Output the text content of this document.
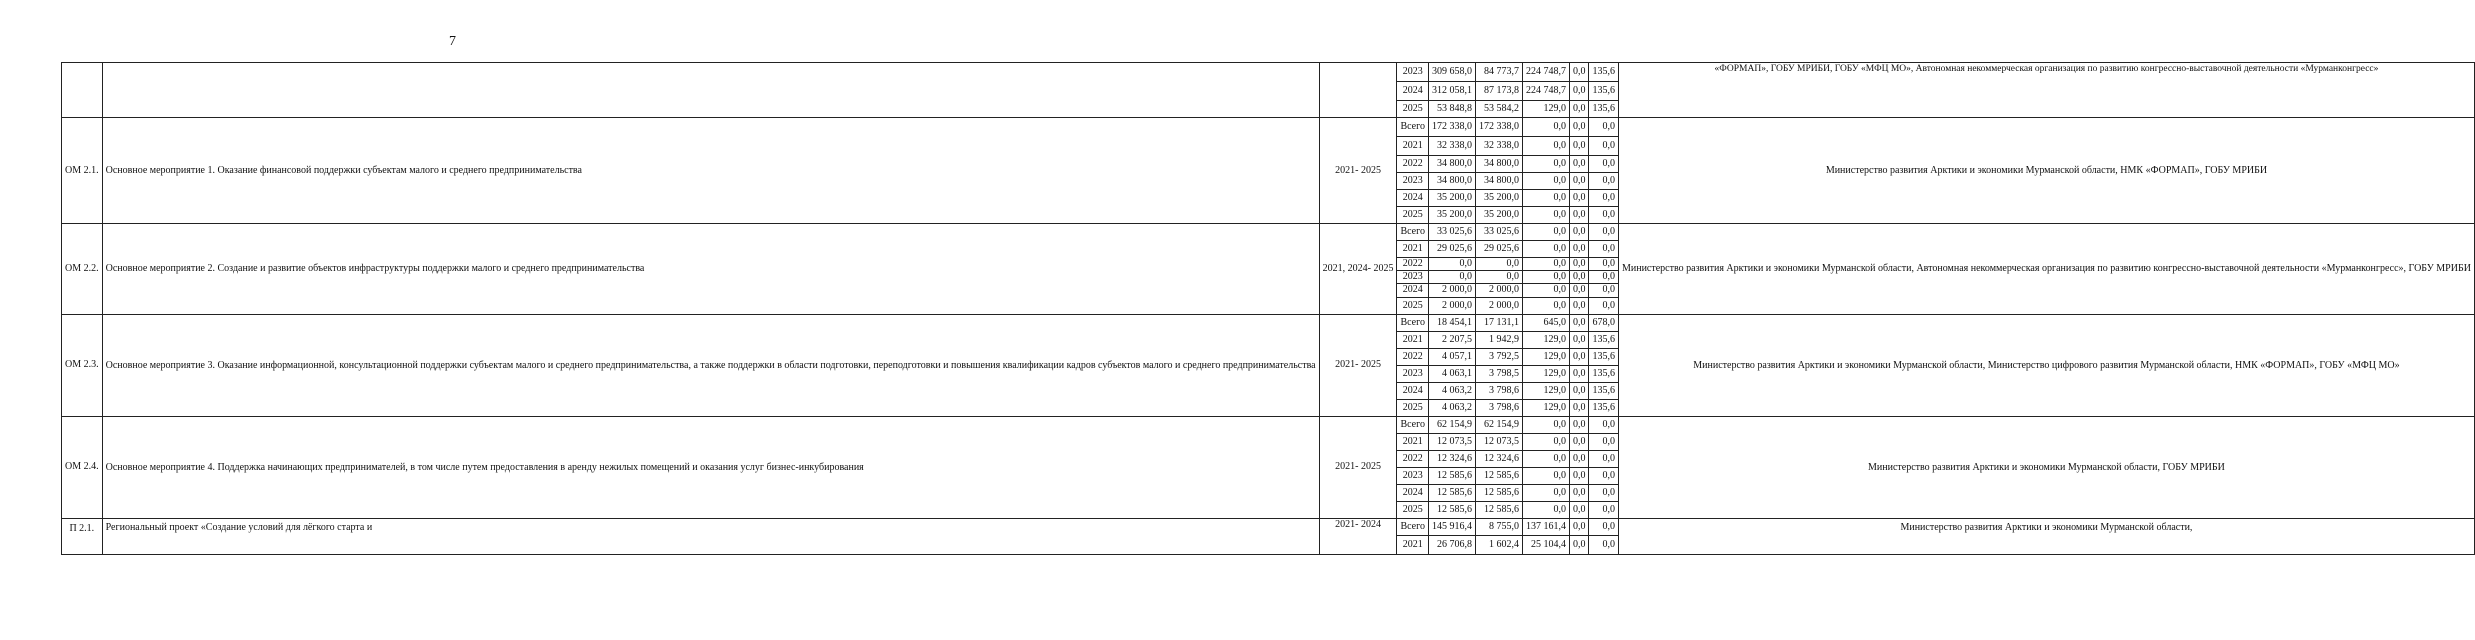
7
			2023	309 658,0	84 773,7	224 748,7	0,0	135,6	«ФОРМАП», ГОБУ МРИБИ, ГОБУ «МФЦ МО», Автономная некоммерческая организация по развитию конгрессно-выставочной деятельности «Мурманконгресс»
			2024	312 058,1	87 173,8	224 748,7	0,0	135,6	
			2025	53 848,8	53 584,2	129,0	0,0	135,6	
ОМ 2.1.	Основное мероприятие 1. Оказание финансовой поддержки субъектам малого и среднего предпринимательства	2021- 2025	Всего	172 338,0	172 338,0	0,0	0,0	0,0	Министерство развития Арктики и экономики Мурманской области, НМК «ФОРМАП», ГОБУ МРИБИ
			2021	32 338,0	32 338,0	0,0	0,0	0,0	
			2022	34 800,0	34 800,0	0,0	0,0	0,0	
			2023	34 800,0	34 800,0	0,0	0,0	0,0	
			2024	35 200,0	35 200,0	0,0	0,0	0,0	
			2025	35 200,0	35 200,0	0,0	0,0	0,0	
ОМ 2.2.	Основное мероприятие 2. Создание и развитие объектов инфраструктуры поддержки малого и среднего предпринимательства	2021, 2024- 2025	Всего	33 025,6	33 025,6	0,0	0,0	0,0	Министерство развития Арктики и экономики Мурманской области, Автономная некоммерческая организация по развитию конгрессно-выставочной деятельности «Мурманконгресс», ГОБУ МРИБИ
			2021	29 025,6	29 025,6	0,0	0,0	0,0	
			2022	0,0	0,0	0,0	0,0	0,0	
			2023	0,0	0,0	0,0	0,0	0,0	
			2024	2 000,0	2 000,0	0,0	0,0	0,0	
			2025	2 000,0	2 000,0	0,0	0,0	0,0	
ОМ 2.3.	Основное мероприятие 3. Оказание информационной, консультационной поддержки субъектам малого и среднего предпринимательства, а также поддержки в области подготовки, переподготовки и повышения квалификации кадров субъектов малого и среднего предпринимательства	2021- 2025	Всего	18 454,1	17 131,1	645,0	0,0	678,0	Министерство развития Арктики и экономики Мурманской области, Министерство цифрового развития Мурманской области, НМК «ФОРМАП», ГОБУ «МФЦ МО»
			2021	2 207,5	1 942,9	129,0	0,0	135,6	
			2022	4 057,1	3 792,5	129,0	0,0	135,6	
			2023	4 063,1	3 798,5	129,0	0,0	135,6	
			2024	4 063,2	3 798,6	129,0	0,0	135,6	
			2025	4 063,2	3 798,6	129,0	0,0	135,6	
ОМ 2.4.	Основное мероприятие 4. Поддержка начинающих предпринимателей, в том числе путем предоставления в аренду нежилых помещений и оказания услуг бизнес-инкубирования	2021- 2025	Всего	62 154,9	62 154,9	0,0	0,0	0,0	Министерство развития Арктики и экономики Мурманской области, ГОБУ МРИБИ
			2021	12 073,5	12 073,5	0,0	0,0	0,0	
			2022	12 324,6	12 324,6	0,0	0,0	0,0	
			2023	12 585,6	12 585,6	0,0	0,0	0,0	
			2024	12 585,6	12 585,6	0,0	0,0	0,0	
			2025	12 585,6	12 585,6	0,0	0,0	0,0	
П 2.1.	Региональный проект «Создание условий для лёгкого старта и	2021- 2024	Всего	145 916,4	8 755,0	137 161,4	0,0	0,0	Министерство развития Арктики и экономики Мурманской области,
			2021	26 706,8	1 602,4	25 104,4	0,0	0,0	
